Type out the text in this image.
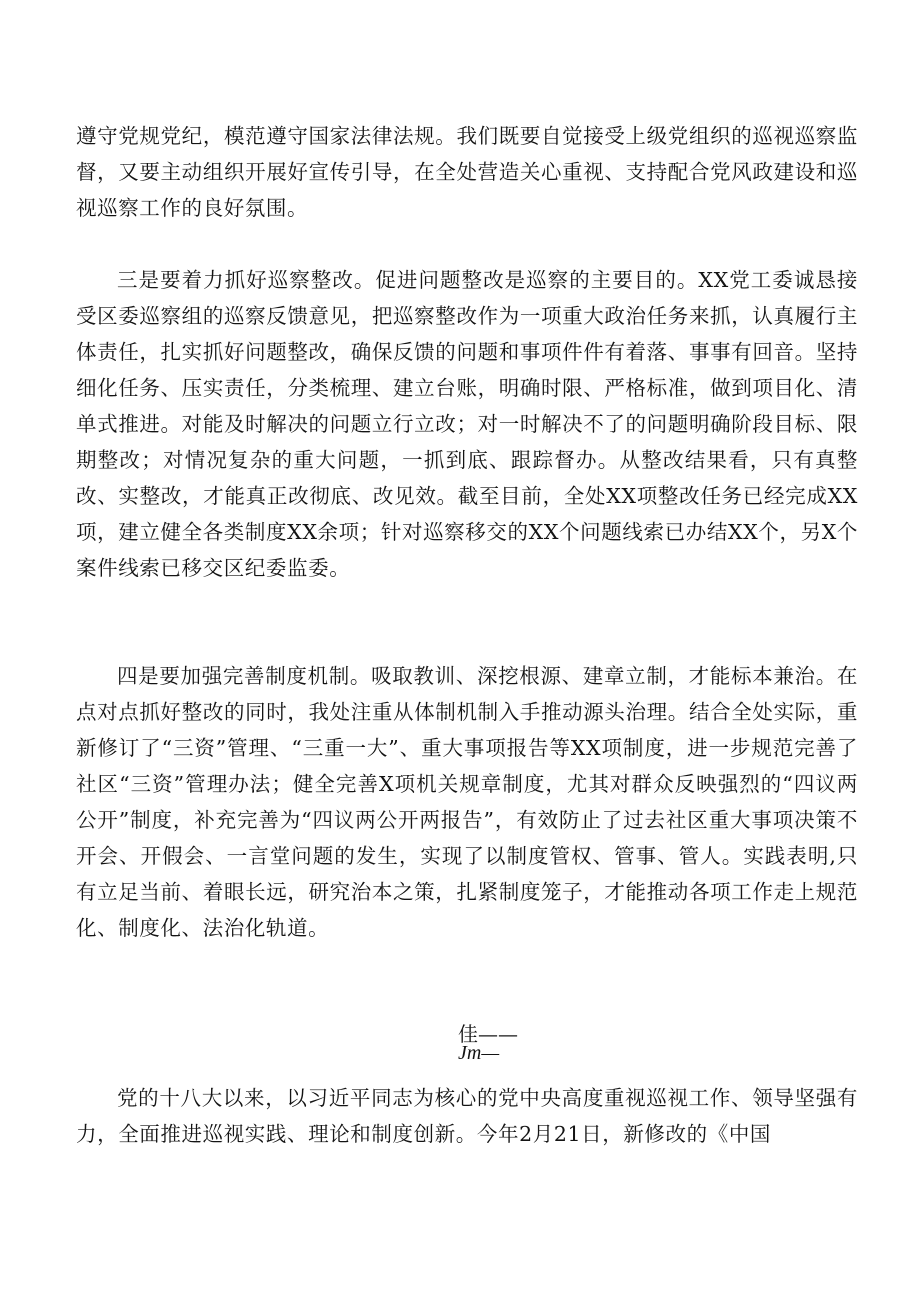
遵守党规党纪，模范遵守国家法律法规。我们既要自觉接受上级党组织的巡视巡察监督，又要主动组织开展好宣传引导，在全处营造关心重视、支持配合党风政建设和巡视巡察工作的良好氛围。
三是要着力抓好巡察整改。促进问题整改是巡察的主要目的。XX党工委诚恳接受区委巡察组的巡察反馈意见，把巡察整改作为一项重大政治任务来抓，认真履行主体责任，扎实抓好问题整改，确保反馈的问题和事项件件有着落、事事有回音。坚持细化任务、压实责任，分类梳理、建立台账，明确时限、严格标准，做到项目化、清单式推进。对能及时解决的问题立行立改；对一时解决不了的问题明确阶段目标、限期整改；对情况复杂的重大问题，一抓到底、跟踪督办。从整改结果看，只有真整改、实整改，才能真正改彻底、改见效。截至目前，全处XX项整改任务已经完成XX项，建立健全各类制度XX余项；针对巡察移交的XX个问题线索已办结XX个，另X个案件线索已移交区纪委监委。
四是要加强完善制度机制。吸取教训、深挖根源、建章立制，才能标本兼治。在点对点抓好整改的同时，我处注重从体制机制入手推动源头治理。结合全处实际，重新修订了“三资”管理、“三重一大”、重大事项报告等XX项制度，进一步规范完善了社区“三资”管理办法；健全完善X项机关规章制度，尤其对群众反映强烈的“四议两公开”制度，补充完善为“四议两公开两报告”，有效防止了过去社区重大事项决策不开会、开假会、一言堂问题的发生，实现了以制度管权、管事、管人。实践表明,只有立足当前、着眼长远，研究治本之策，扎紧制度笼子，才能推动各项工作走上规范化、制度化、法治化轨道。
佳——
Jm—
党的十八大以来，以习近平同志为核心的党中央高度重视巡视工作、领导坚强有力，全面推进巡视实践、理论和制度创新。今年2月21日，新修改的《中国
